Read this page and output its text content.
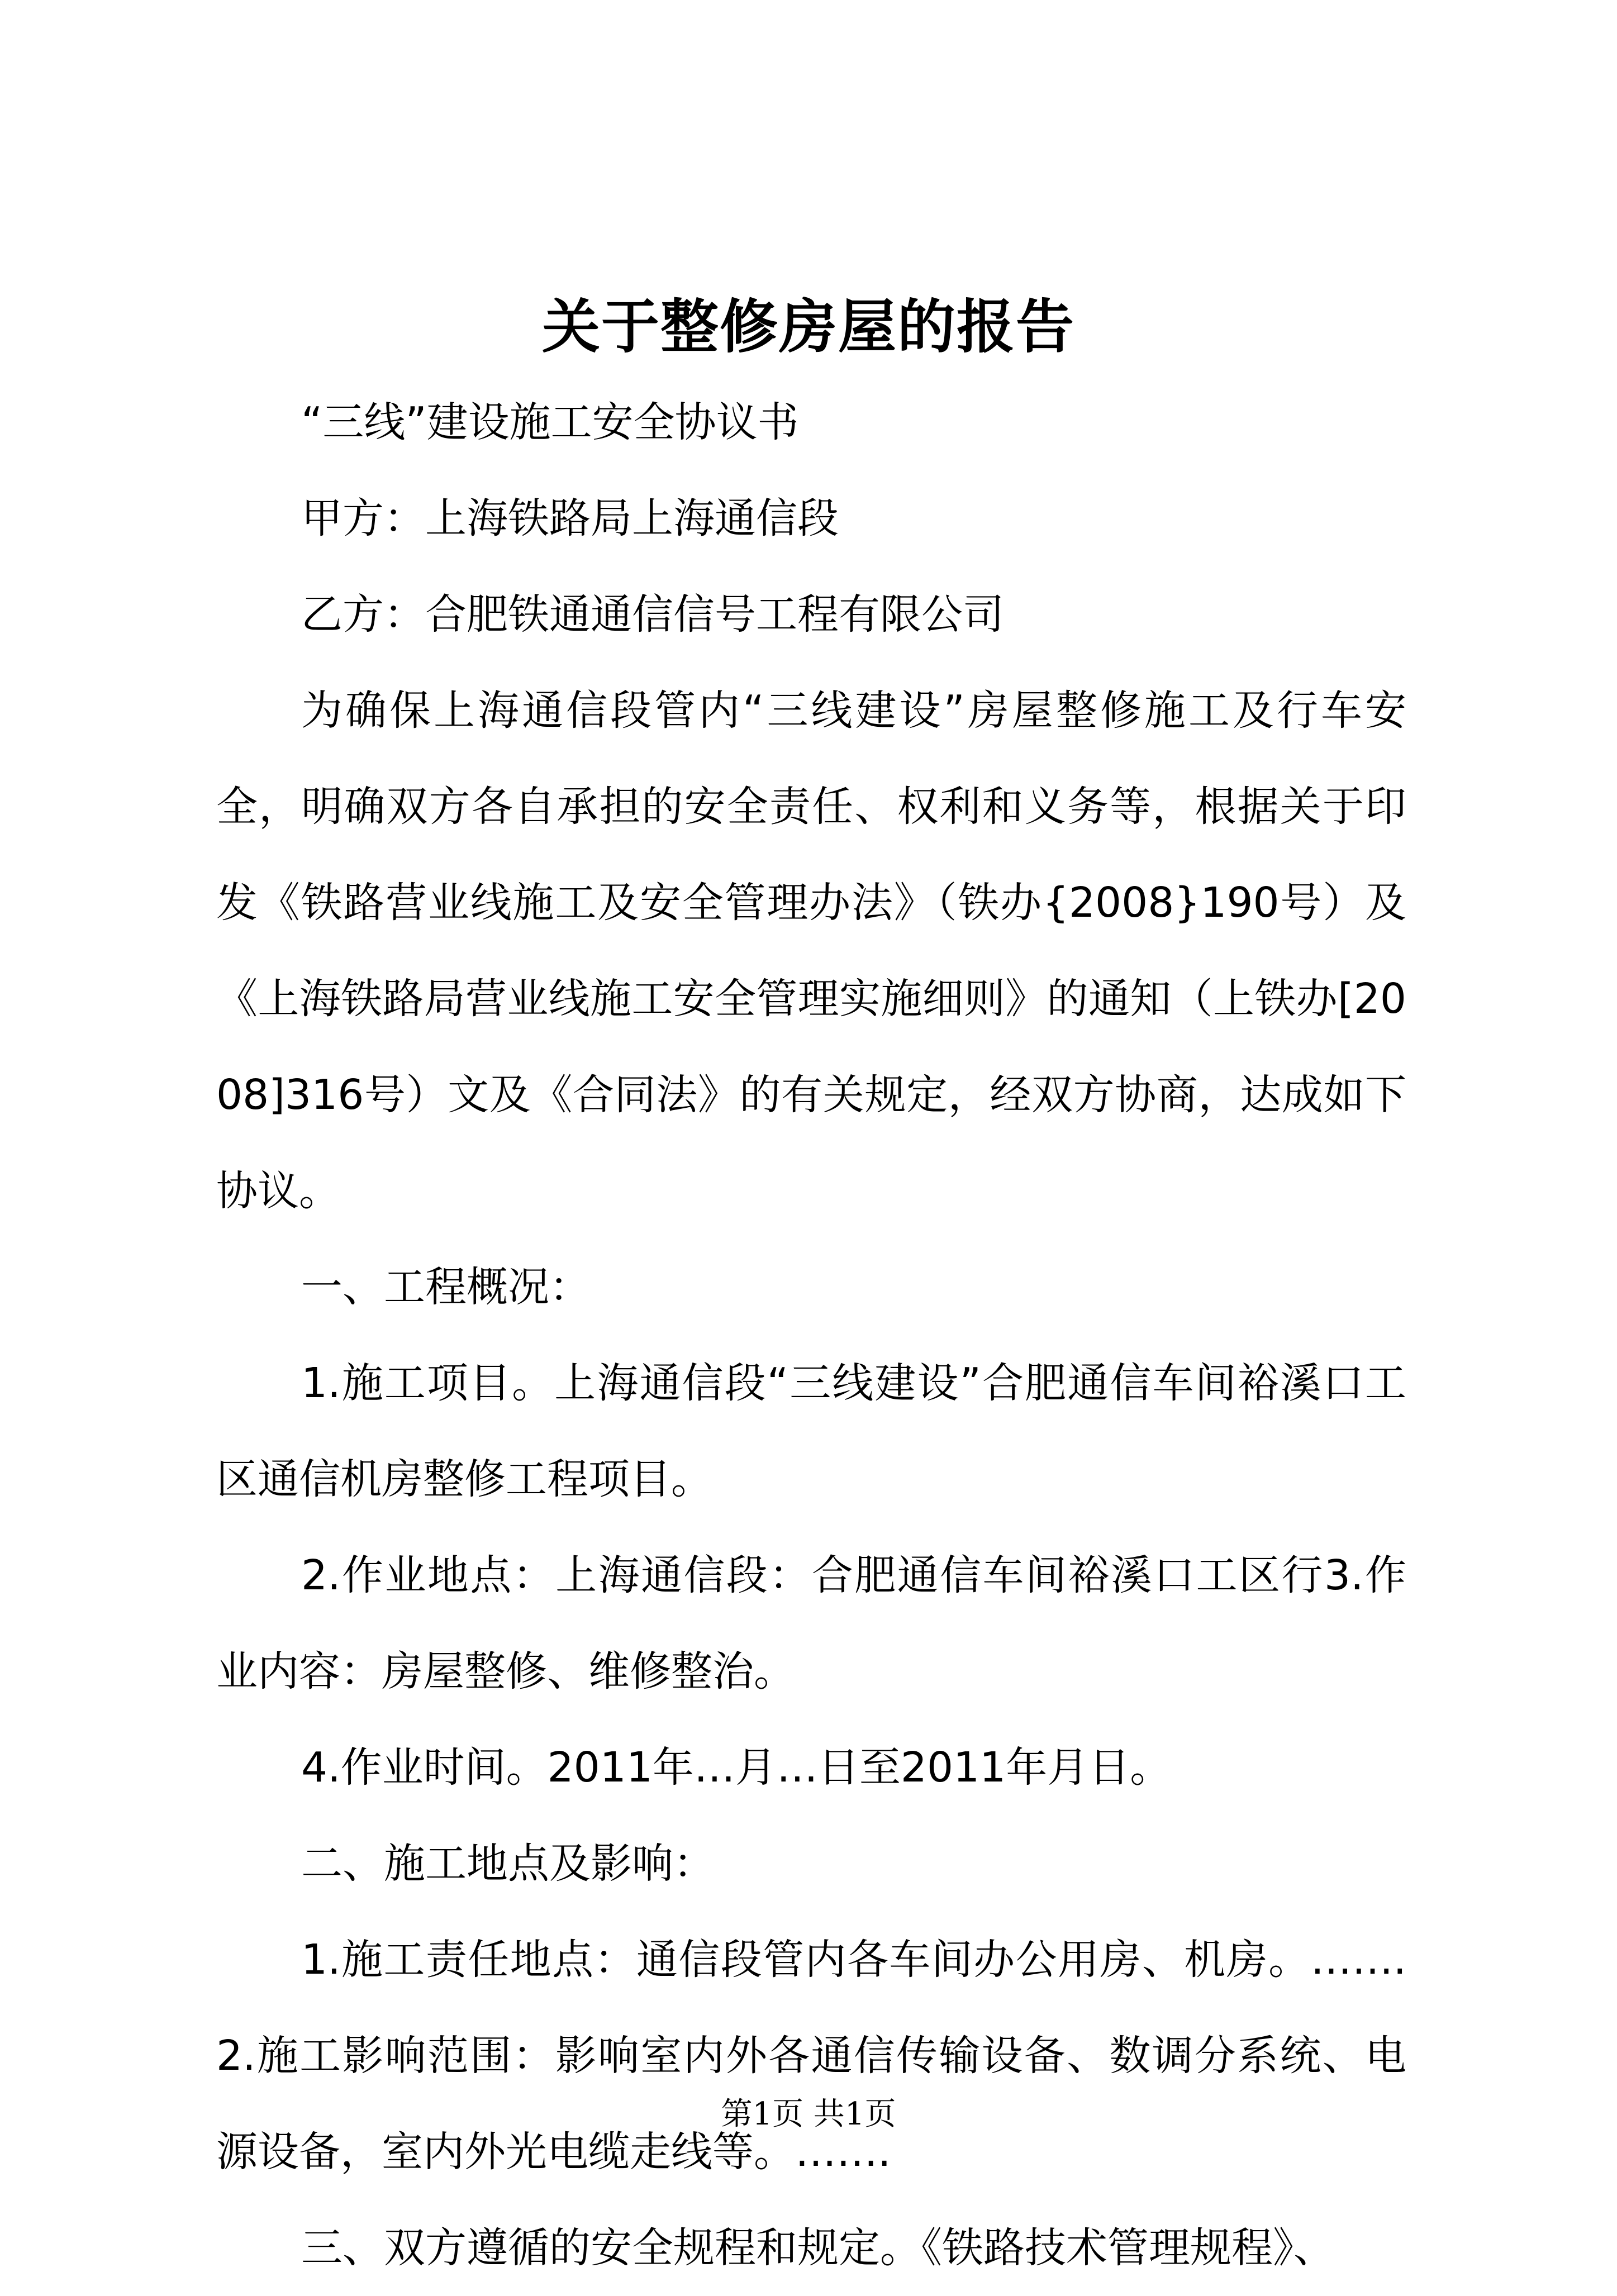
关于整修房屋的报告

“三线”建设施工安全协议书

甲方：上海铁路局上海通信段

乙方：合肥铁通通信信号工程有限公司

为确保上海通信段管内“三线建设”房屋整修施工及行车安全，明确双方各自承担的安全责任、权利和义务等，根据关于印发《铁路营业线施工及安全管理办法》（铁办{2008}190号）及《上海铁路局营业线施工安全管理实施细则》的通知（上铁办[2008]316号）文及《合同法》的有关规定，经双方协商，达成如下协议。

一、工程概况：

1.施工项目。上海通信段“三线建设”合肥通信车间裕溪口工区通信机房整修工程项目。

2.作业地点：上海通信段：合肥通信车间裕溪口工区行3.作业内容：房屋整修、维修整治。

4.作业时间。2011年…月…日至2011年月日。

二、施工地点及影响：

1.施工责任地点：通信段管内各车间办公用房、机房。…….2.施工影响范围：影响室内外各通信传输设备、数调分系统、电源设备，室内外光电缆走线等。…….

三、双方遵循的安全规程和规定。《铁路技术管理规程》、

第1页 共1页
